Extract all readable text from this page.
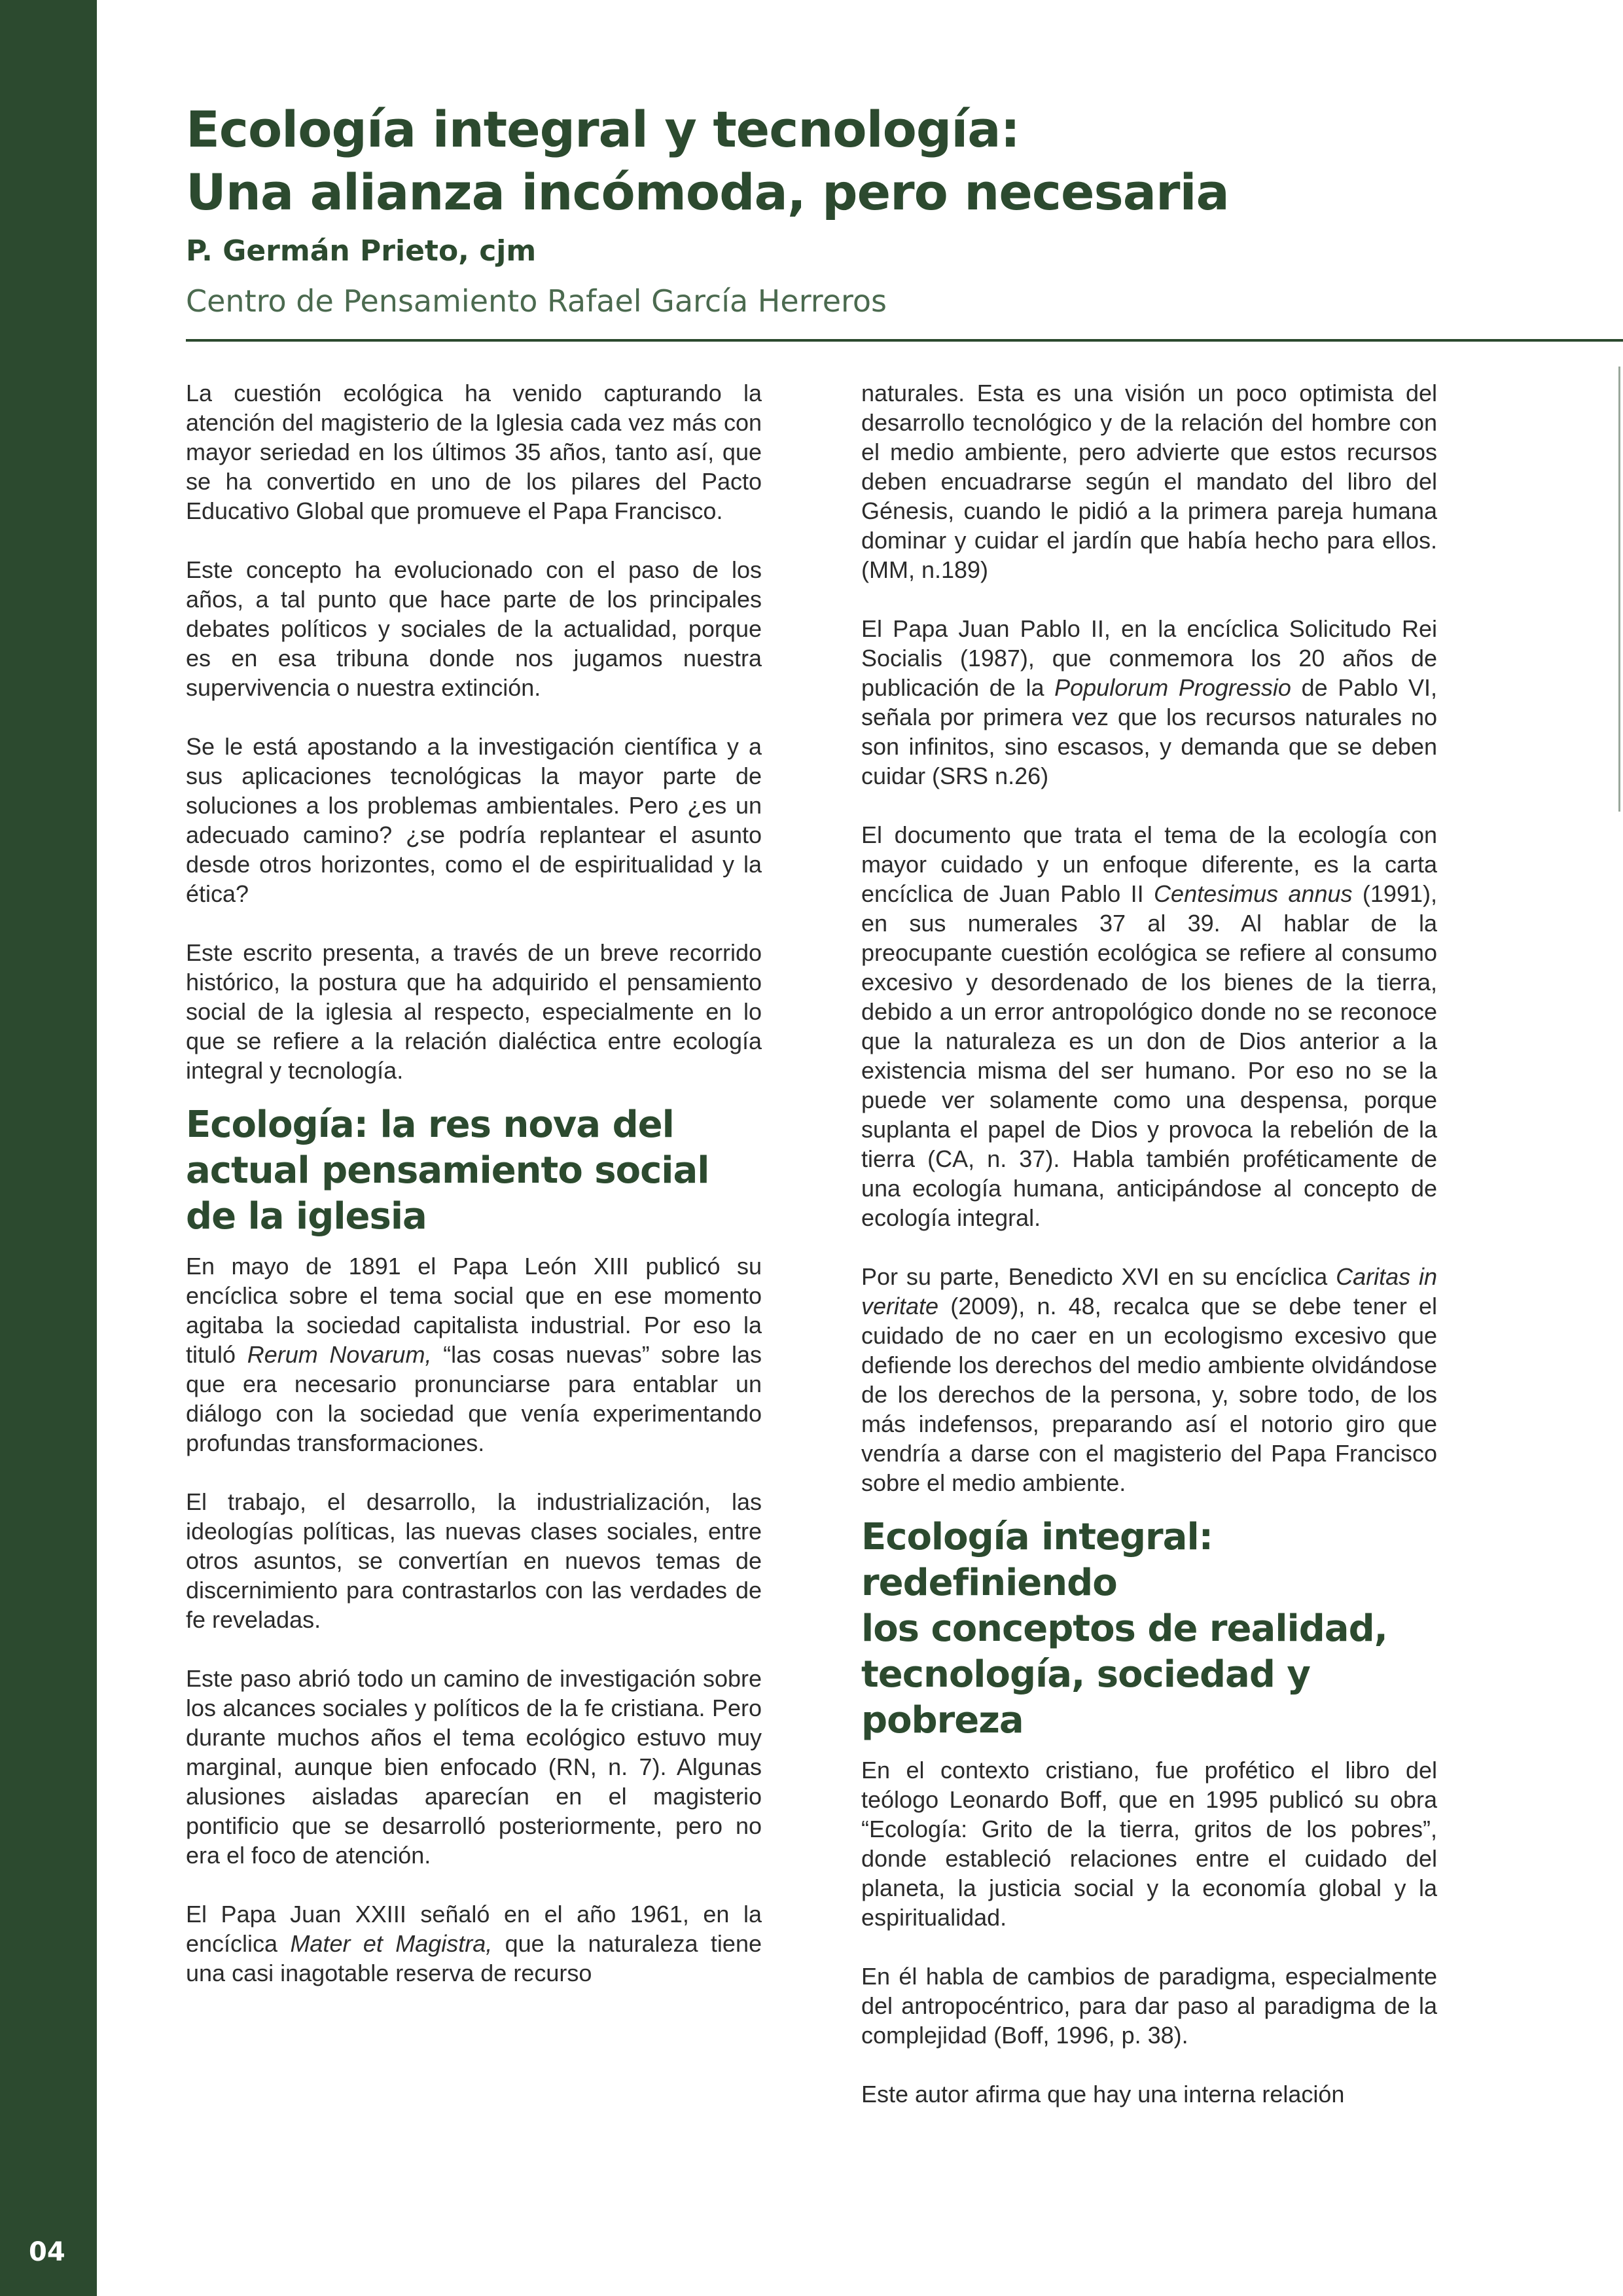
04
Ecología integral y tecnología:
Una alianza incómoda, pero necesaria

P. Germán Prieto, cjm

Centro de Pensamiento Rafael García Herreros

La cuestión ecológica ha venido capturando la atención del magisterio de la Iglesia cada vez más con mayor seriedad en los últimos 35 años, tanto así, que se ha convertido en uno de los pilares del Pacto Educativo Global que promueve el Papa Francisco.

Este concepto ha evolucionado con el paso de los años, a tal punto que hace parte de los principales debates políticos y sociales de la actualidad, porque es en esa tribuna donde nos jugamos nuestra supervivencia o nuestra extinción.

Se le está apostando a la investigación científica y a sus aplicaciones tecnológicas la mayor parte de soluciones a los problemas ambientales. Pero ¿es un adecuado camino? ¿se podría replantear el asunto desde otros horizontes, como el de espiritualidad y la ética?

Este escrito presenta, a través de un breve recorrido histórico, la postura que ha adquirido el pensamiento social de la iglesia al respecto, especialmente en lo que se refiere a la relación dialéctica entre ecología integral y tecnología.

Ecología: la res nova del
actual pensamiento social
de la iglesia

En mayo de 1891 el Papa León XIII publicó su encíclica sobre el tema social que en ese momento agitaba la sociedad capitalista industrial. Por eso la tituló Rerum Novarum, “las cosas nuevas” sobre las que era necesario pronunciarse para entablar un diálogo con la sociedad que venía experimentando profundas transformaciones.

El trabajo, el desarrollo, la industrialización, las ideologías políticas, las nuevas clases sociales, entre otros asuntos, se convertían en nuevos temas de discernimiento para contrastarlos con las verdades de fe reveladas.

Este paso abrió todo un camino de investigación sobre los alcances sociales y políticos de la fe cristiana. Pero durante muchos años el tema ecológico estuvo muy marginal, aunque bien enfocado (RN, n. 7). Algunas alusiones aisladas aparecían en el magisterio pontificio que se desarrolló posteriormente, pero no era el foco de atención.

El Papa Juan XXIII señaló en el año 1961, en la encíclica Mater et Magistra, que la naturaleza tiene una casi inagotable reserva de recurso

naturales. Esta es una visión un poco optimista del desarrollo tecnológico y de la relación del hombre con el medio ambiente, pero advierte que estos recursos deben encuadrarse según el mandato del libro del Génesis, cuando le pidió a la primera pareja humana dominar y cuidar el jardín que había hecho para ellos. (MM, n.189)

El Papa Juan Pablo II, en la encíclica Solicitudo Rei Socialis (1987), que conmemora los 20 años de publicación de la Populorum Progressio de Pablo VI, señala por primera vez que los recursos naturales no son infinitos, sino escasos, y demanda que se deben cuidar (SRS n.26)

El documento que trata el tema de la ecología con mayor cuidado y un enfoque diferente, es la carta encíclica de Juan Pablo II Centesimus annus (1991), en sus numerales 37 al 39. Al hablar de la preocupante cuestión ecológica se refiere al consumo excesivo y desordenado de los bienes de la tierra, debido a un error antropológico donde no se reconoce que la naturaleza es un don de Dios anterior a la existencia misma del ser humano. Por eso no se la puede ver solamente como una despensa, porque suplanta el papel de Dios y provoca la rebelión de la tierra (CA, n. 37). Habla también proféticamente de una ecología humana, anticipándose al concepto de ecología integral.

Por su parte, Benedicto XVI en su encíclica Caritas in veritate (2009), n. 48, recalca que se debe tener el cuidado de no caer en un ecologismo excesivo que defiende los derechos del medio ambiente olvidándose de los derechos de la persona, y, sobre todo, de los más indefensos, preparando así el notorio giro que vendría a darse con el magisterio del Papa Francisco sobre el medio ambiente.

Ecología integral: redefiniendo
los conceptos de realidad,
tecnología, sociedad y pobreza

En el contexto cristiano, fue profético el libro del teólogo Leonardo Boff, que en 1995 publicó su obra “Ecología: Grito de la tierra, gritos de los pobres”, donde estableció relaciones entre el cuidado del planeta, la justicia social y la economía global y la espiritualidad.

En él habla de cambios de paradigma, especialmente del antropocéntrico, para dar paso al paradigma de la complejidad (Boff, 1996, p. 38).

Este autor afirma que hay una interna relación
